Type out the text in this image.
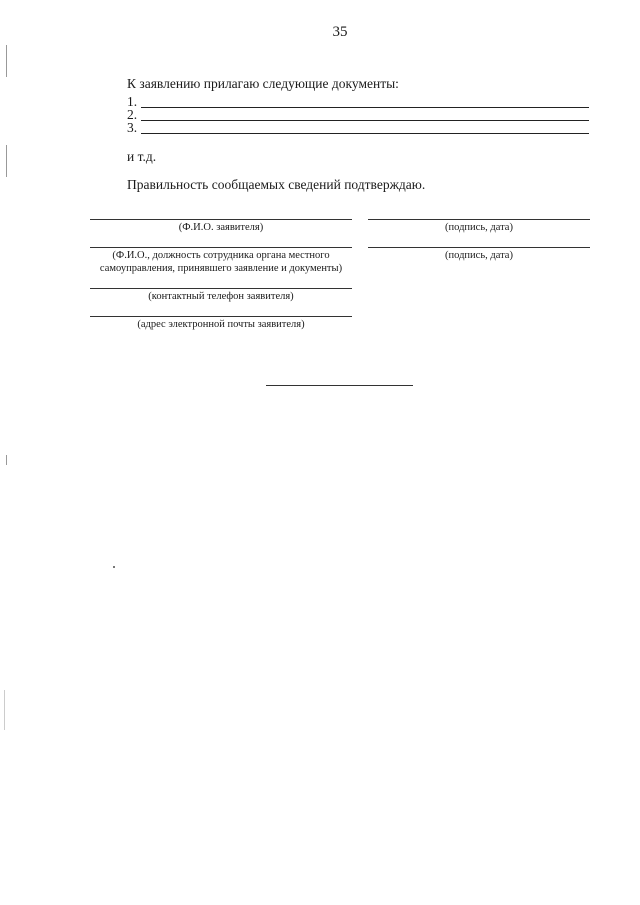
35
К заявлению прилагаю следующие документы:
1.
2.
3.
и т.д.
Правильность сообщаемых сведений подтверждаю.
(Ф.И.О. заявителя)	(подпись, дата)
(Ф.И.О., должность сотрудника органа местного
самоуправления, принявшего заявление и документы)
(подпись, дата)
(контактный телефон заявителя)
(адрес электронной почты заявителя)
